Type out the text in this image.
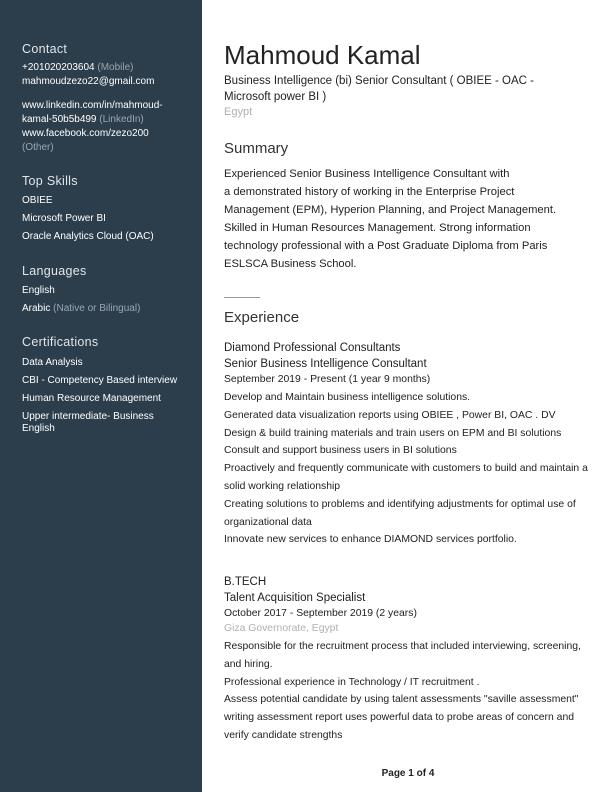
Contact
+201020203604 (Mobile)
mahmoudzezo22@gmail.com
www.linkedin.com/in/mahmoud-
kamal-50b5b499 (LinkedIn)
www.facebook.com/zezo200
(Other)
Top Skills
OBIEE
Microsoft Power BI
Oracle Analytics Cloud (OAC)
Languages
English
Arabic (Native or Bilingual)
Certifications
Data Analysis
CBI - Competency Based interview
Human Resource Management
Upper intermediate- Business English
Mahmoud Kamal
Business Intelligence (bi) Senior Consultant ( OBIEE - OAC - Microsoft power BI )
Egypt
Summary
Experienced Senior Business Intelligence Consultant with
a demonstrated history of working in the Enterprise Project
Management (EPM), Hyperion Planning, and Project Management.
Skilled in Human Resources Management. Strong information
technology professional with a Post Graduate Diploma from Paris
ESLSCA Business School.
Experience
Diamond Professional Consultants
Senior Business Intelligence Consultant
September 2019 - Present (1 year 9 months)
Develop and Maintain business intelligence solutions.
Generated data visualization reports using OBIEE , Power BI, OAC . DV
Design & build training materials and train users on EPM and BI solutions
Consult and support business users in BI solutions
Proactively and frequently communicate with customers to build and maintain a solid working relationship
Creating solutions to problems and identifying adjustments for optimal use of organizational data
Innovate new services to enhance DIAMOND services portfolio.
B.TECH
Talent Acquisition Specialist
October 2017 - September 2019 (2 years)
Giza Governorate, Egypt
Responsible for the recruitment process that included interviewing, screening, and hiring.
Professional experience in Technology / IT recruitment .
Assess potential candidate by using talent assessments "saville assessment" writing assessment report uses powerful data to probe areas of concern and verify candidate strengths
Page 1 of 4
